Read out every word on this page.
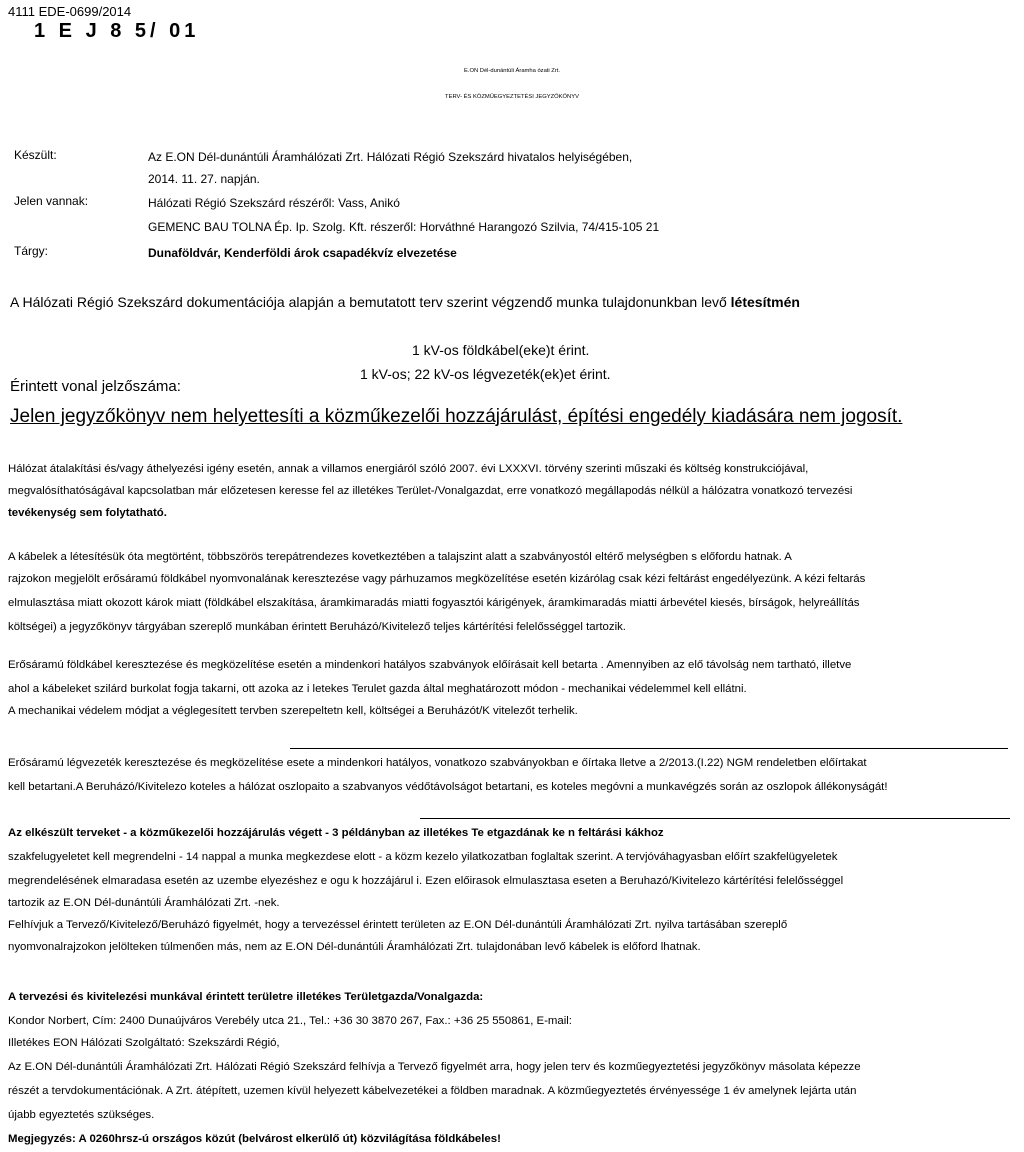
4111 EDE-0699/2014
1 E J 8 5/ 01
E.ON Dél-dunántúli Áramha ózati Zrt.
TERV- ÉS KÖZMŰEGYEZTETÉSI JEGYZŐKÖNYV
Készült:	Az E.ON Dél-dunántúli Áramhálózati Zrt. Hálózati Régió Szekszárd hivatalos helyiségében,
2014. 11. 27. napján.
Jelen vannak:	Hálózati Régió Szekszárd részéről: Vass, Anikó
GEMENC BAU TOLNA Ép. Ip. Szolg. Kft. részeről: Horváthné Harangozó Szilvia, 74/415-105 21
Tárgy:	Dunaföldvár, Kenderföldi árok csapadékvíz elvezetése
A Hálózati Régió Szekszárd dokumentációja alapján a bemutatott terv szerint végzendő munka tulajdonunkban levő létesítmén
1 kV-os földkábel(eke)t érint.
1 kV-os; 22 kV-os légvezeték(ek)et érint.
Érintett vonal jelzőszáma:
Jelen jegyzőkönyv nem helyettesíti a közműkezelői hozzájárulást, építési engedély kiadására nem jogosít.
Hálózat átalakítási és/vagy áthelyezési igény esetén, annak a villamos energiáról szóló 2007. évi LXXXVI. törvény szerinti műszaki és költség konstrukciójával,
megvalósíthatóságával kapcsolatban már előzetesen keresse fel az illetékes Terület-/Vonalgazdat, erre vonatkozó megállapodás nélkül a hálózatra vonatkozó tervezési
tevékenység sem folytatható.
A kábelek a létesítésük óta megtörtént, többszörös terepátrendezes kovetkeztében a talajszint alatt a szabványostól eltérő melységben s előfordu hatnak. A
rajzokon megjelölt erősáramú földkábel nyomvonalának keresztezése vagy párhuzamos megközelítése esetén kizárólag csak kézi feltárást engedélyezünk. A kézi feltarás
elmulasztása miatt okozott károk miatt (földkábel elszakítása, áramkimaradás miatti fogyasztói kárigények, áramkimaradás miatti árbevétel kiesés, bírságok, helyreállítás
költségei) a jegyzőkönyv tárgyában szereplő munkában érintett Beruházó/Kivitelező teljes kártérítési felelősséggel tartozik.
Erősáramú földkábel keresztezése és megközelítése esetén a mindenkori hatályos szabványok előírásait kell betarta . Amennyiben az elő távolság nem tartható, illetve
ahol a kábeleket szilárd burkolat fogja takarni, ott azoka az i letekes Terulet gazda által meghatározott módon - mechanikai védelemmel kell ellátni.
A mechanikai védelem módjat a véglegesített tervben szerepeltetn kell, költségei a Beruházót/K vitelezőt terhelik.
Erősáramú légvezeték keresztezése és megközelítése esete a mindenkori hatályos, vonatkozo szabványokban e őírtaka lletve a 2/2013.(I.22) NGM rendeletben előírtakat
kell betartani.A Beruházó/Kivitelezo koteles a hálózat oszlopaito a szabvanyos védőtávolságot betartani, es koteles megóvni a munkavégzés során az oszlopok állékonyságát!
Az elkészült terveket - a közműkezelői hozzájárulás végett - 3 példányban az illetékes Te etgazdának ke n feltárási kákhoz
szakfelugyeletet kell megrendelni - 14 nappal a munka megkezdese elott - a közm kezelo yilatkozatban foglaltak szerint. A tervjóváhagyasban előírt szakfelügyeletek
megrendelésének elmaradasa esetén az uzembe elyezéshez e ogu k hozzájárul i. Ezen előirasok elmulasztasa eseten a Beruhazó/Kivitelezo kártérítési felelősséggel
tartozik az E.ON Dél-dunántúli Áramhálózati Zrt. -nek.
Felhívjuk a Tervező/Kivitelező/Beruházó figyelmét, hogy a tervezéssel érintett területen az E.ON Dél-dunántúli Áramhálózati Zrt. nyilva tartásában szereplő
nyomvonalrajzokon jelölteken túlmenően más, nem az E.ON Dél-dunántúli Áramhálózati Zrt. tulajdonában levő kábelek is előford lhatnak.
A tervezési és kivitelezési munkával érintett területre illetékes Területgazda/Vonalgazda:
Kondor Norbert, Cím: 2400 Dunaújváros Verebély utca 21., Tel.: +36 30 3870 267, Fax.: +36 25 550861, E-mail:
Illetékes EON Hálózati Szolgáltató: Szekszárdi Régió,
Az E.ON Dél-dunántúli Áramhálózati Zrt. Hálózati Régió Szekszárd felhívja a Tervező figyelmét arra, hogy jelen terv és kozműegyeztetési jegyzőkönyv másolata képezze
részét a tervdokumentációnak. A Zrt. átépített, uzemen kívül helyezett kábelvezetékei a földben maradnak. A közműegyeztetés érvényessége 1 év amelynek lejárta után
újabb egyeztetés szükséges.
Megjegyzés: A 0260hrsz-ú országos közút (belvárost elkerülő út) közvilágítása földkábeles!
